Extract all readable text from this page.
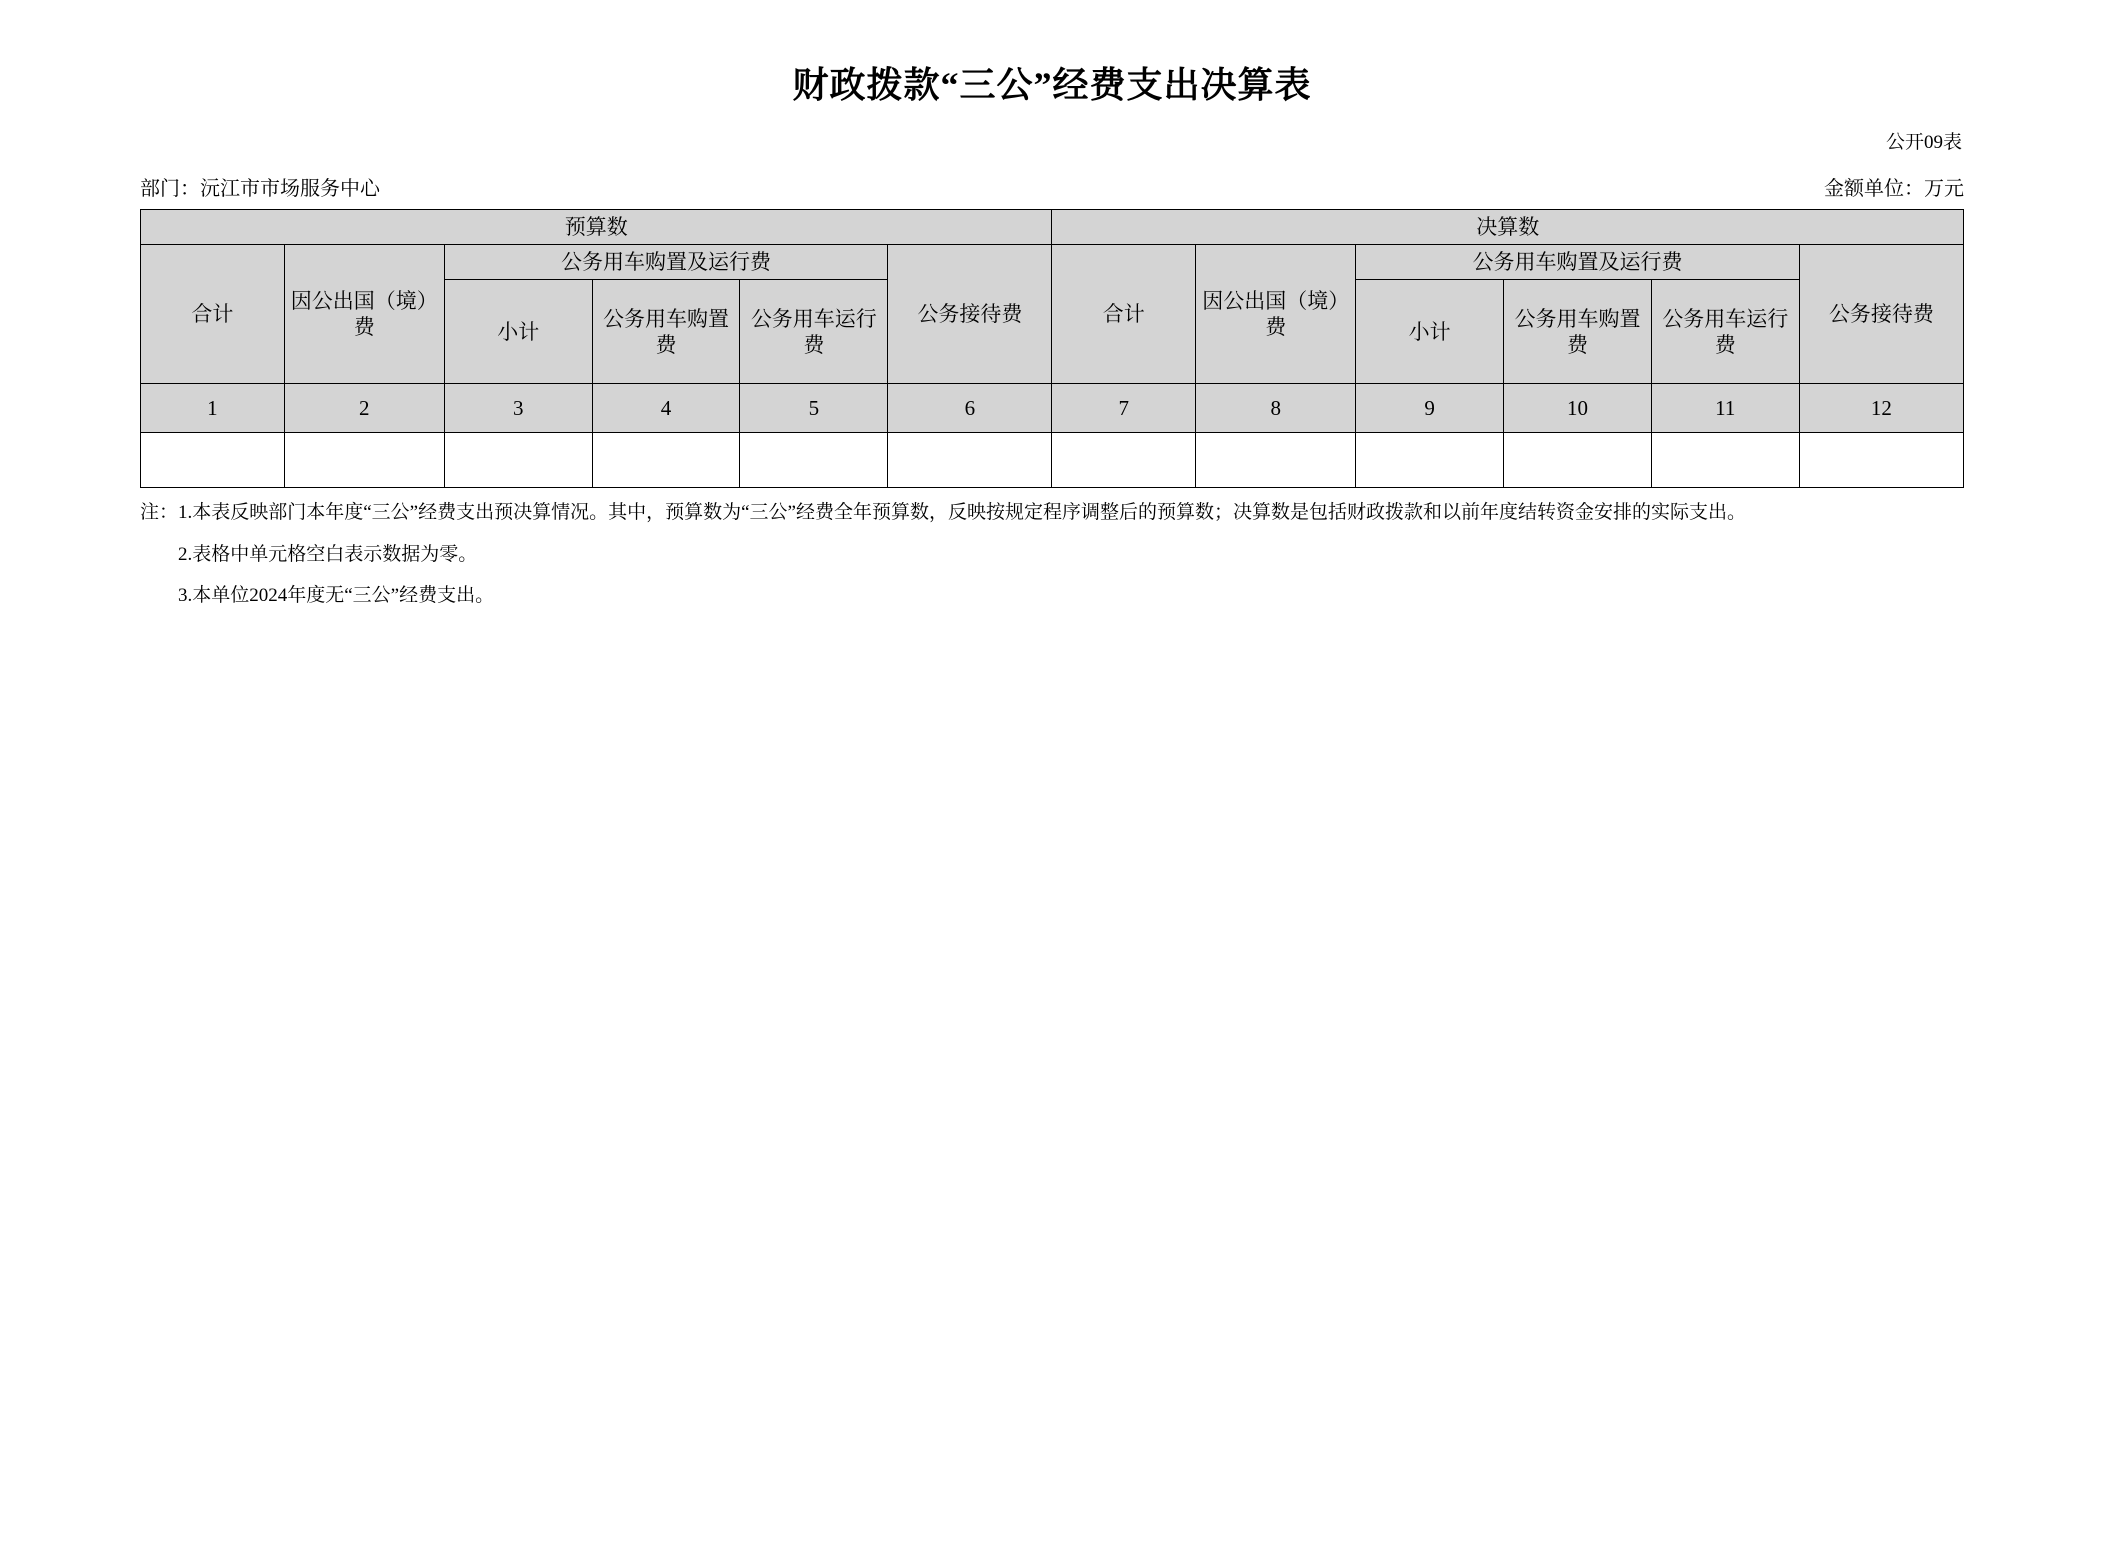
财政拨款“三公”经费支出决算表
公开09表
部门：沅江市市场服务中心	金额单位：万元
预算数						决算数					
合计	因公出国（境）费	公务用车购置及运行费			公务接待费	合计	因公出国（境）费	公务用车购置及运行费			公务接待费
		小计	公务用车购置费	公务用车运行费				小计	公务用车购置费	公务用车运行费	
1	2	3	4	5	6	7	8	9	10	11	12

注：1.本表反映部门本年度“三公”经费支出预决算情况。其中，预算数为“三公”经费全年预算数，反映按规定程序调整后的预算数；决算数是包括财政拨款和以前年度结转资金安排的实际支出。

2.表格中单元格空白表示数据为零。

3.本单位2024年度无“三公”经费支出。
